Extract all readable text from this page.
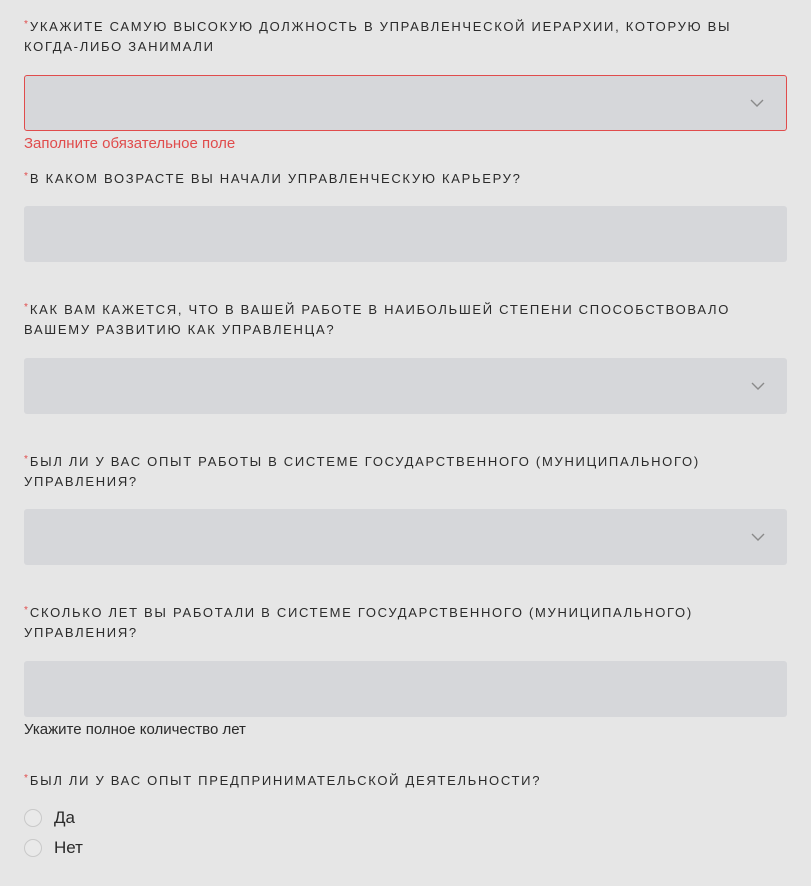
* УКАЖИТЕ САМУЮ ВЫСОКУЮ ДОЛЖНОСТЬ В УПРАВЛЕНЧЕСКОЙ ИЕРАРХИИ, КОТОРУЮ ВЫ КОГДА-ЛИБО ЗАНИМАЛИ
Заполните обязательное поле
* В КАКОМ ВОЗРАСТЕ ВЫ НАЧАЛИ УПРАВЛЕНЧЕСКУЮ КАРЬЕРУ?
* КАК ВАМ КАЖЕТСЯ, ЧТО В ВАШЕЙ РАБОТЕ В НАИБОЛЬШЕЙ СТЕПЕНИ СПОСОБСТВОВАЛО ВАШЕМУ РАЗВИТИЮ КАК УПРАВЛЕНЦА?
* БЫЛ ЛИ У ВАС ОПЫТ РАБОТЫ В СИСТЕМЕ ГОСУДАРСТВЕННОГО (МУНИЦИПАЛЬНОГО) УПРАВЛЕНИЯ?
* СКОЛЬКО ЛЕТ ВЫ РАБОТАЛИ В СИСТЕМЕ ГОСУДАРСТВЕННОГО (МУНИЦИПАЛЬНОГО) УПРАВЛЕНИЯ?
Укажите полное количество лет
* БЫЛ ЛИ У ВАС ОПЫТ ПРЕДПРИНИМАТЕЛЬСКОЙ ДЕЯТЕЛЬНОСТИ?
Да
Нет
